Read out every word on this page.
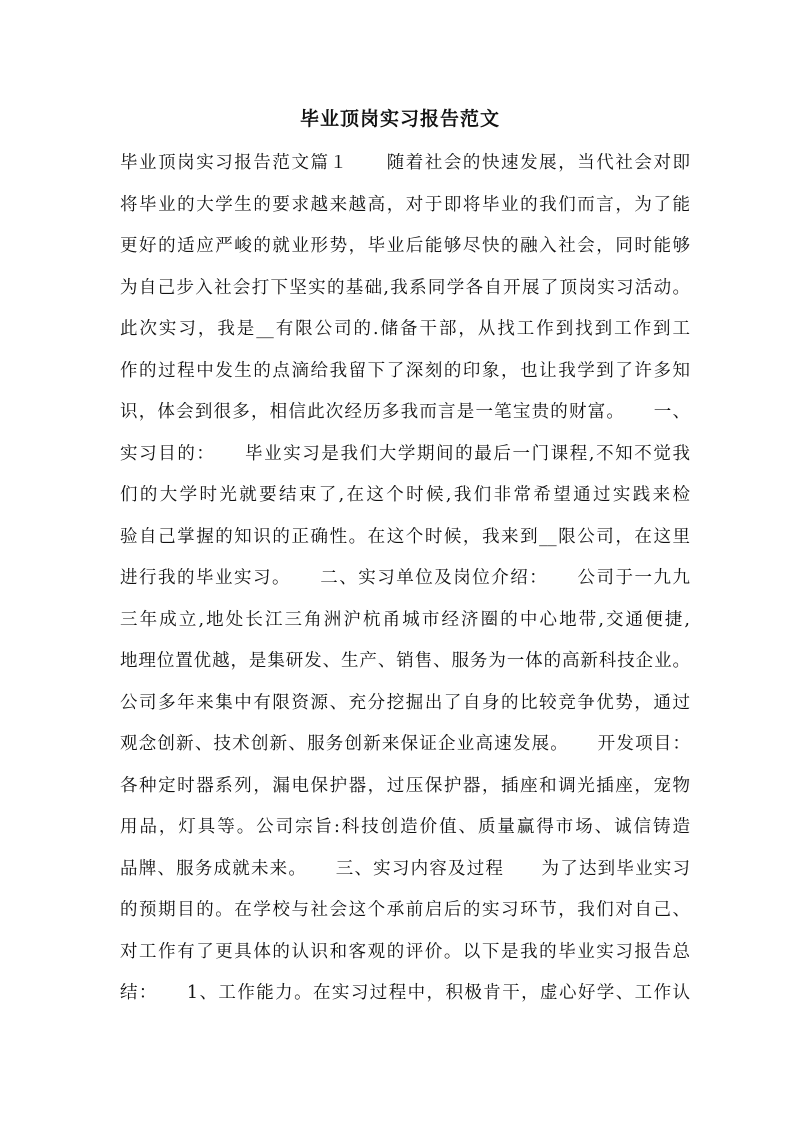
毕业顶岗实习报告范文
毕业顶岗实习报告范文篇１　　随着社会的快速发展，当代社会对即
将毕业的大学生的要求越来越高，对于即将毕业的我们而言，为了能
更好的适应严峻的就业形势，毕业后能够尽快的融入社会，同时能够
为自己步入社会打下坚实的基础,我系同学各自开展了顶岗实习活动。
此次实习，我是__有限公司的.储备干部，从找工作到找到工作到工
作的过程中发生的点滴给我留下了深刻的印象，也让我学到了许多知
识，体会到很多，相信此次经历多我而言是一笔宝贵的财富。　　一、
实习目的：　　毕业实习是我们大学期间的最后一门课程,不知不觉我
们的大学时光就要结束了,在这个时候,我们非常希望通过实践来检
验自己掌握的知识的正确性。在这个时候，我来到__限公司，在这里
进行我的毕业实习。　　二、实习单位及岗位介绍：　　公司于一九九
三年成立,地处长江三角洲沪杭甬城市经济圈的中心地带,交通便捷,
地理位置优越，是集研发、生产、销售、服务为一体的高新科技企业。
公司多年来集中有限资源、充分挖掘出了自身的比较竞争优势，通过
观念创新、技术创新、服务创新来保证企业高速发展。　　开发项目：
各种定时器系列，漏电保护器，过压保护器，插座和调光插座，宠物
用品，灯具等。公司宗旨:科技创造价值、质量赢得市场、诚信铸造
品牌、服务成就未来。　　三、实习内容及过程　　为了达到毕业实习
的预期目的。在学校与社会这个承前启后的实习环节，我们对自己、
对工作有了更具体的认识和客观的评价。以下是我的毕业实习报告总
结：　　1、工作能力。在实习过程中，积极肯干，虚心好学、工作认
